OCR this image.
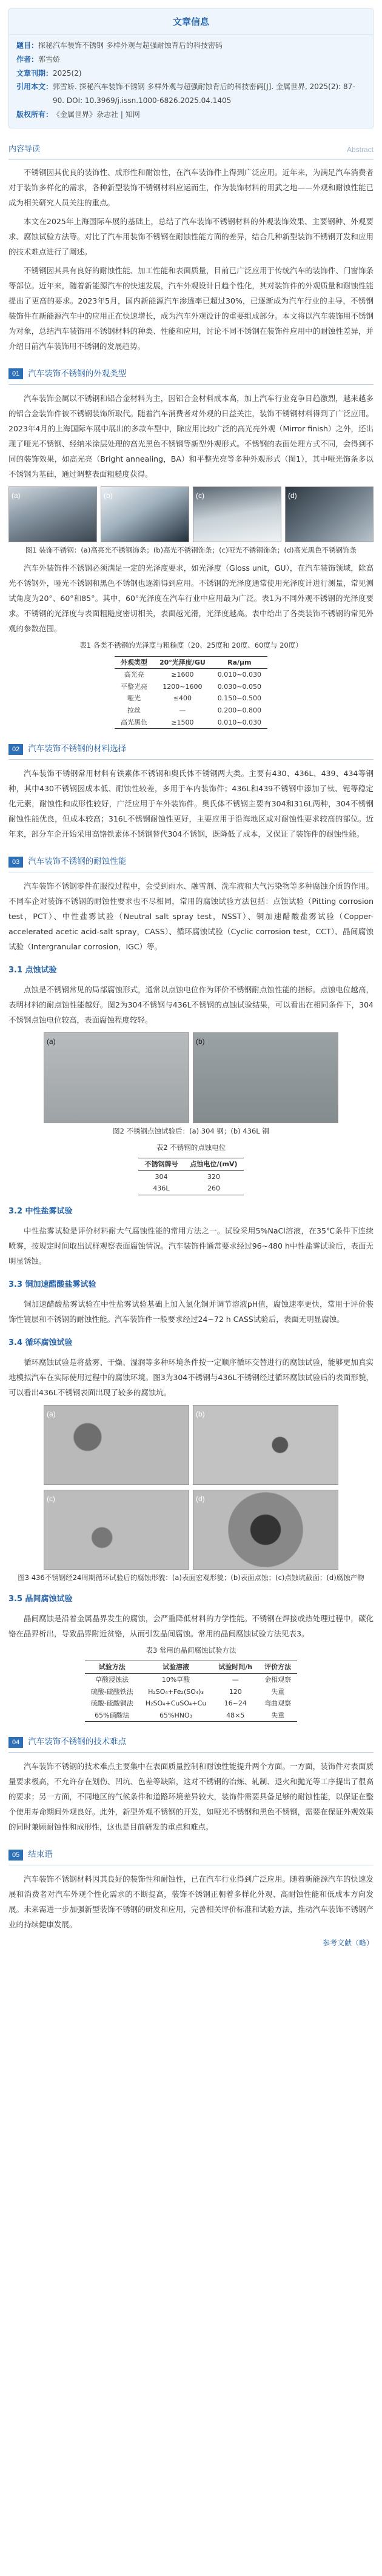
文章信息
题目： 探秘汽车装饰不锈钢 多样外观与超强耐蚀背后的科技密码
作者： 郭雪娇
文章刊期： 2025(2)
引用本文： 郭雪娇. 探秘汽车装饰不锈钢 多样外观与超强耐蚀背后的科技密码[J]. 金属世界, 2025(2): 87-90. DOI: 10.3969/j.issn.1000-6826.2025.04.1405
版权所有： 《金属世界》杂志社 | 知网
内容导读	Abstract

不锈钢因其优良的装饰性、成形性和耐蚀性，在汽车装饰件上得到广泛应用。近年来，为满足汽车消费者对于装饰多样化的需求，各种新型装饰不锈钢材料应运而生，作为装饰材料的用武之地——外观和耐蚀性能已成为相关研究人员关注的重点。

本文在2025年上海国际车展的基础上，总结了汽车装饰不锈钢材料的外观装饰效果、主要钢种、外观要求、腐蚀试验方法等。对比了汽车用装饰不锈钢在耐蚀性能方面的差异，结合几种新型装饰不锈钢开发和应用的技术难点进行了阐述。

不锈钢因其具有良好的耐蚀性能、加工性能和表面质量，目前已广泛应用于传统汽车的装饰件、门窗饰条等部位。近年来，随着新能源汽车的快速发展，汽车外观设计日趋个性化，其对装饰件的外观质量和耐蚀性能提出了更高的要求。2023年5月，国内新能源汽车渗透率已超过30%，已逐渐成为汽车行业的主导，不锈钢装饰件在新能源汽车中的应用正在快速增长，成为汽车外观设计的重要组成部分。本文将以汽车装饰用不锈钢为对象，总结汽车装饰用不锈钢材料的种类、性能和应用，讨论不同不锈钢在装饰件应用中的耐蚀性差异，并介绍目前汽车装饰用不锈钢的发展趋势。

01	汽车装饰不锈钢的外观类型

汽车装饰金属以不锈钢和铝合金材料为主，因铝合金材料成本高，加上汽车行业竞争日趋激烈，越来越多的铝合金装饰件被不锈钢装饰所取代。随着汽车消费者对外观的日益关注，装饰不锈钢材料得到了广泛应用。2023年4月的上海国际车展中展出的多款车型中，除应用比较广泛的高光亮外观（Mirror finish）之外，还出现了哑光不锈钢、经纳米涂层处理的高光黑色不锈钢等新型外观形式。不锈钢的表面处理方式不同，会得到不同的装饰效果，如高光亮（Bright annealing，BA）和平整光亮等多种外观形式（图1），其中哑光饰条多以不锈钢为基础，通过调整表面粗糙度获得。

(a)	(b)	(c)	(d)
图1 装饰不锈钢：(a)高亮光不锈钢饰条；(b)高光不锈钢饰条；(c)哑光不锈钢饰条；(d)高光黑色不锈钢饰条

汽车外装饰件不锈钢必须满足一定的光泽度要求，如光泽度（Gloss unit，GU），在汽车装饰领域，除高光不锈钢外，哑光不锈钢和黑色不锈钢也逐渐得到应用。不锈钢的光泽度通常使用光泽度计进行测量，常见测试角度为20°、60°和85°。其中，60°光泽度在汽车行业中应用最为广泛。表1为不同外观不锈钢的光泽度要求。不锈钢的光泽度与表面粗糙度密切相关，表面越光滑，光泽度越高。表中给出了各类装饰不锈钢的常见外观的参数范围。

表1 各类不锈钢的光泽度与粗糙度（20、25度和 20度、60度与 20度）
外观类型	20°光泽度/GU	Ra/μm
高光亮	≥1600	0.010~0.030
平整光亮	1200~1600	0.030~0.050
哑光	≤400	0.150~0.500
拉丝	—	0.200~0.800
高光黑色	≥1500	0.010~0.030
02	汽车装饰不锈钢的材料选择

汽车装饰不锈钢常用材料有铁素体不锈钢和奥氏体不锈钢两大类。主要有430、436L、439、434等钢种，其中430不锈钢因成本低、耐蚀性较差，多用于车内装饰件；436L和439不锈钢中添加了钛、铌等稳定化元素，耐蚀性和成形性较好，广泛应用于车外装饰件。奥氏体不锈钢主要有304和316L两种，304不锈钢耐蚀性能优良，但成本较高；316L不锈钢耐蚀性更好，主要应用于沿海地区或对耐蚀性要求较高的部位。近年来，部分车企开始采用高铬铁素体不锈钢替代304不锈钢，既降低了成本，又保证了装饰件的耐蚀性能。

03	汽车装饰不锈钢的耐蚀性能

汽车装饰不锈钢零件在服役过程中，会受到雨水、融雪剂、洗车液和大气污染物等多种腐蚀介质的作用。不同车企对装饰不锈钢的耐蚀性要求也不尽相同，常用的腐蚀试验方法包括：点蚀试验（Pitting corrosion test，PCT）、中性盐雾试验（Neutral salt spray test，NSST）、铜加速醋酸盐雾试验（Copper-accelerated acetic acid-salt spray，CASS）、循环腐蚀试验（Cyclic corrosion test，CCT）、晶间腐蚀试验（Intergranular corrosion，IGC）等。

3.1 点蚀试验

点蚀是不锈钢常见的局部腐蚀形式，通常以点蚀电位作为评价不锈钢耐点蚀性能的指标。点蚀电位越高，表明材料的耐点蚀性能越好。图2为304不锈钢与436L不锈钢的点蚀试验结果，可以看出在相同条件下，304不锈钢点蚀电位较高，表面腐蚀程度较轻。

(a)	(b)
图2 不锈钢点蚀试验后：(a) 304 钢；(b) 436L 钢
表2 不锈钢的点蚀电位
不锈钢牌号	点蚀电位/(mV)
304	320
436L	260
3.2 中性盐雾试验

中性盐雾试验是评价材料耐大气腐蚀性能的常用方法之一。试验采用5%NaCl溶液，在35℃条件下连续喷雾，按规定时间取出试样观察表面腐蚀情况。汽车装饰件通常要求经过96~480 h中性盐雾试验后，表面无明显锈蚀。

3.3 铜加速醋酸盐雾试验

铜加速醋酸盐雾试验在中性盐雾试验基础上加入氯化铜并调节溶液pH值，腐蚀速率更快，常用于评价装饰性镀层和不锈钢的耐蚀性能。汽车装饰件一般要求经过24~72 h CASS试验后，表面无明显腐蚀。

3.4 循环腐蚀试验

循环腐蚀试验是将盐雾、干燥、湿润等多种环境条件按一定顺序循环交替进行的腐蚀试验，能够更加真实地模拟汽车在实际使用过程中的腐蚀环境。图3为304不锈钢与436L不锈钢经过循环腐蚀试验后的表面形貌，可以看出436L不锈钢表面出现了较多的腐蚀坑。

(a)	(b)
(c)	(d)
图3 436不锈钢经24周期循环试验后的腐蚀形貌：(a)表面宏观形貌；(b)表面点蚀；(c)点蚀坑截面；(d)腐蚀产物
3.5 晶间腐蚀试验

晶间腐蚀是沿着金属晶界发生的腐蚀，会严重降低材料的力学性能。不锈钢在焊接或热处理过程中，碳化铬在晶界析出，导致晶界附近贫铬，从而引发晶间腐蚀。常用的晶间腐蚀试验方法见表3。

表3 常用的晶间腐蚀试验方法
试验方法	试验溶液	试验时间/h	评价方法
草酸浸蚀法	10%草酸	—	金相观察
硫酸-硫酸铁法	H₂SO₄+Fe₂(SO₄)₃	120	失重
硫酸-硫酸铜法	H₂SO₄+CuSO₄+Cu	16~24	弯曲观察
65%硝酸法	65%HNO₃	48×5	失重
04	汽车装饰不锈钢的技术难点

汽车装饰不锈钢的技术难点主要集中在表面质量控制和耐蚀性能提升两个方面。一方面，装饰件对表面质量要求极高，不允许存在划伤、凹坑、色差等缺陷，这对不锈钢的冶炼、轧制、退火和抛光等工序提出了很高的要求；另一方面，不同地区的气候条件和道路环境差异较大，装饰件需要具备足够的耐蚀性能，以保证在整个使用寿命期间外观良好。此外，新型外观不锈钢的开发，如哑光不锈钢和黑色不锈钢，需要在保证外观效果的同时兼顾耐蚀性和成形性，这也是目前研发的重点和难点。

05	结束语

汽车装饰不锈钢材料因其良好的装饰性和耐蚀性，已在汽车行业得到广泛应用。随着新能源汽车的快速发展和消费者对汽车外观个性化需求的不断提高，装饰不锈钢正朝着多样化外观、高耐蚀性能和低成本方向发展。未来需进一步加强新型装饰不锈钢的研发和应用，完善相关评价标准和试验方法，推动汽车装饰不锈钢产业的持续健康发展。

参考文献（略）
